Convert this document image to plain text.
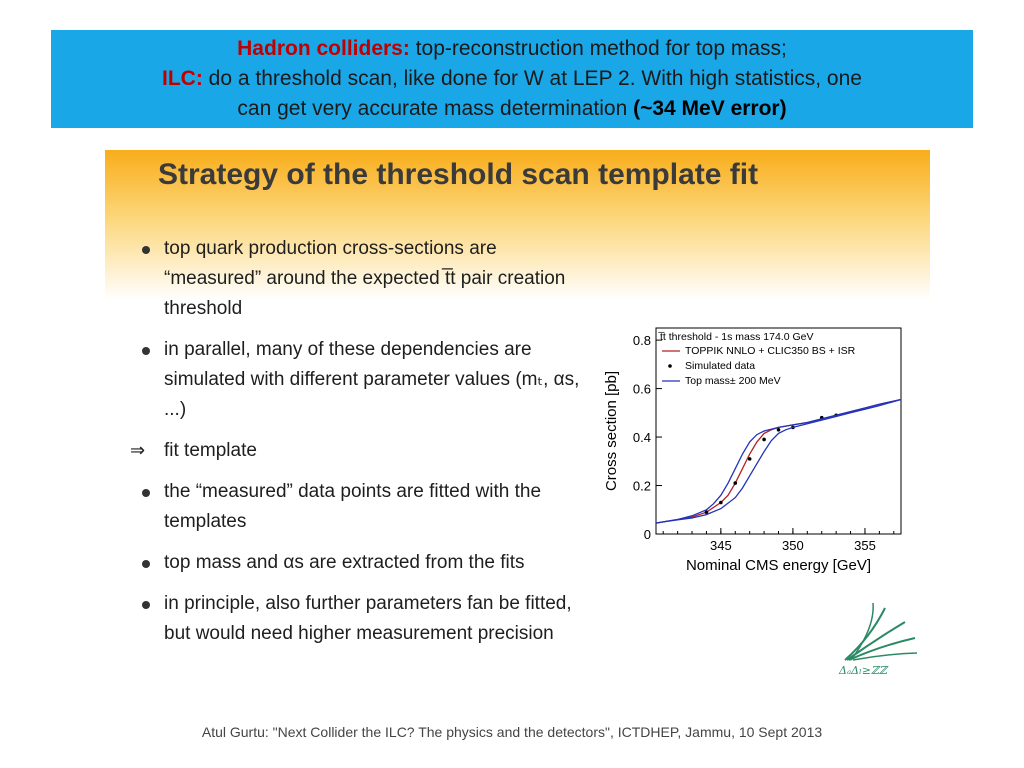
Hadron colliders: top-reconstruction method for top mass;
ILC: do a threshold scan, like done for W at LEP 2. With high statistics, one
can get very accurate mass determination (~34 MeV error)
Strategy of the threshold scan template fit
top quark production cross-sections are “measured” around the expected t̅t pair creation threshold
in parallel, many of these dependencies are simulated with different parameter values (mₜ, αs, ...)
⇒ fit template
the “measured” data points are fitted with the templates
top mass and αs are extracted from the fits
in principle, also further parameters fan be fitted, but would need higher measurement precision
345	350	355
0
0.2
0.4
0.6
0.8
Nominal CMS energy [GeV]
Cross section [pb]
t̅t threshold - 1s mass 174.0 GeV
TOPPIK NNLO + CLIC350 BS + ISR
Simulated data
Top mass± 200 MeV
ΔₐΔₗ≥ℤℤ
Atul Gurtu: "Next Collider the ILC? The physics and the detectors", ICTDHEP, Jammu, 10 Sept 2013
